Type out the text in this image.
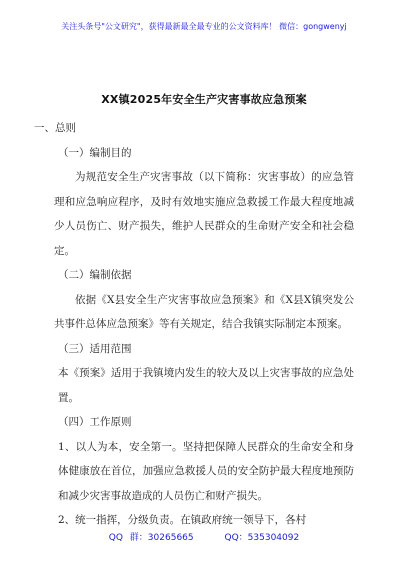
关注头条号"公文研究"，获得最新最全最专业的公文资料库！ 微信：gongwenyj
XX镇2025年安全生产灾害事故应急预案

一、总则

（一）编制目的

为规范安全生产灾害事故（以下简称：灾害事故）的应急管理和应急响应程序，及时有效地实施应急救援工作最大程度地减少人员伤亡、财产损失，维护人民群众的生命财产安全和社会稳定。

（二）编制依据

依据《X县安全生产灾害事故应急预案》和《X县X镇突发公共事件总体应急预案》等有关规定，结合我镇实际制定本预案。

（三）适用范围

本《预案》适用于我镇境内发生的较大及以上灾害事故的应急处置。

（四）工作原则

1、以人为本，安全第一。坚持把保障人民群众的生命安全和身体健康放在首位，加强应急救援人员的安全防护最大程度地预防和减少灾害事故造成的人员伤亡和财产损失。

2、统一指挥，分级负责。在镇政府统一领导下，各村

QQ 群：30265665	QQ：535304092
